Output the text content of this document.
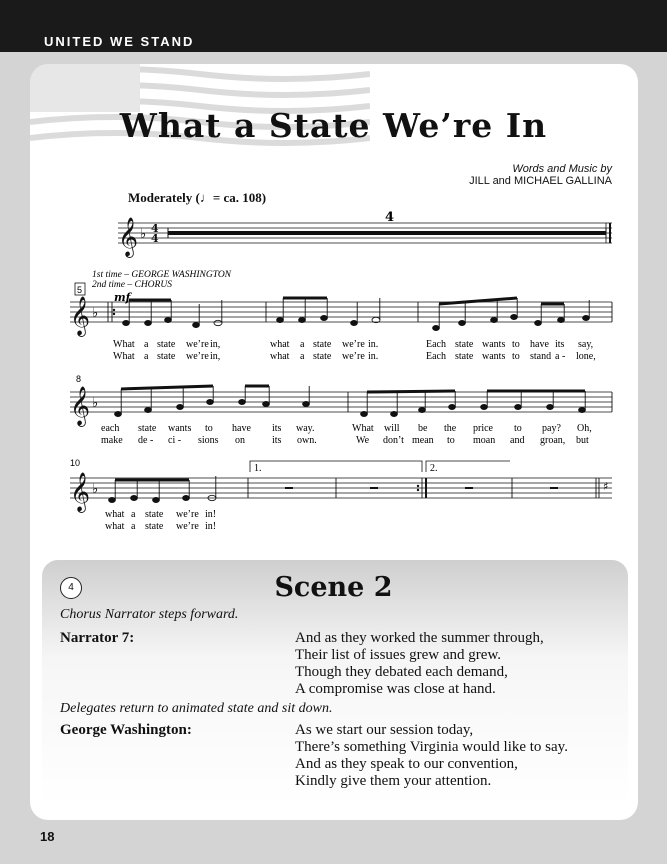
UNITED WE STAND
What a State We’re In
Words and Music by
JILL and MICHAEL GALLINA
Moderately (♩= ca. 108)
𝄞
𝄞
𝄞
𝄞
♭
♭
♭
♭
4
4
4
1st time – GEORGE WASHINGTON
2nd time – CHORUS
5
mf
8
10
♯
1.	2.
What a state we’re in,	what a state we’re in.	Each state wants to have its say,
What a state we’re in,	what a state we’re in.	Each state wants to stand a - lone,
each state wants to have its way.	What will be the price to pay? Oh,
make de - ci - sions on	its own.	We don’t mean to moan and groan, but
what a state we’re in!
what a state we’re in!
4	Scene 2
Chorus Narrator steps forward.
Narrator 7:	And as they worked the summer through,
Their list of issues grew and grew.
Though they debated each demand,
A compromise was close at hand.
Delegates return to animated state and sit down.
George Washington:	As we start our session today,
There’s something Virginia would like to say.
And as they speak to our convention,
Kindly give them your attention.
18
